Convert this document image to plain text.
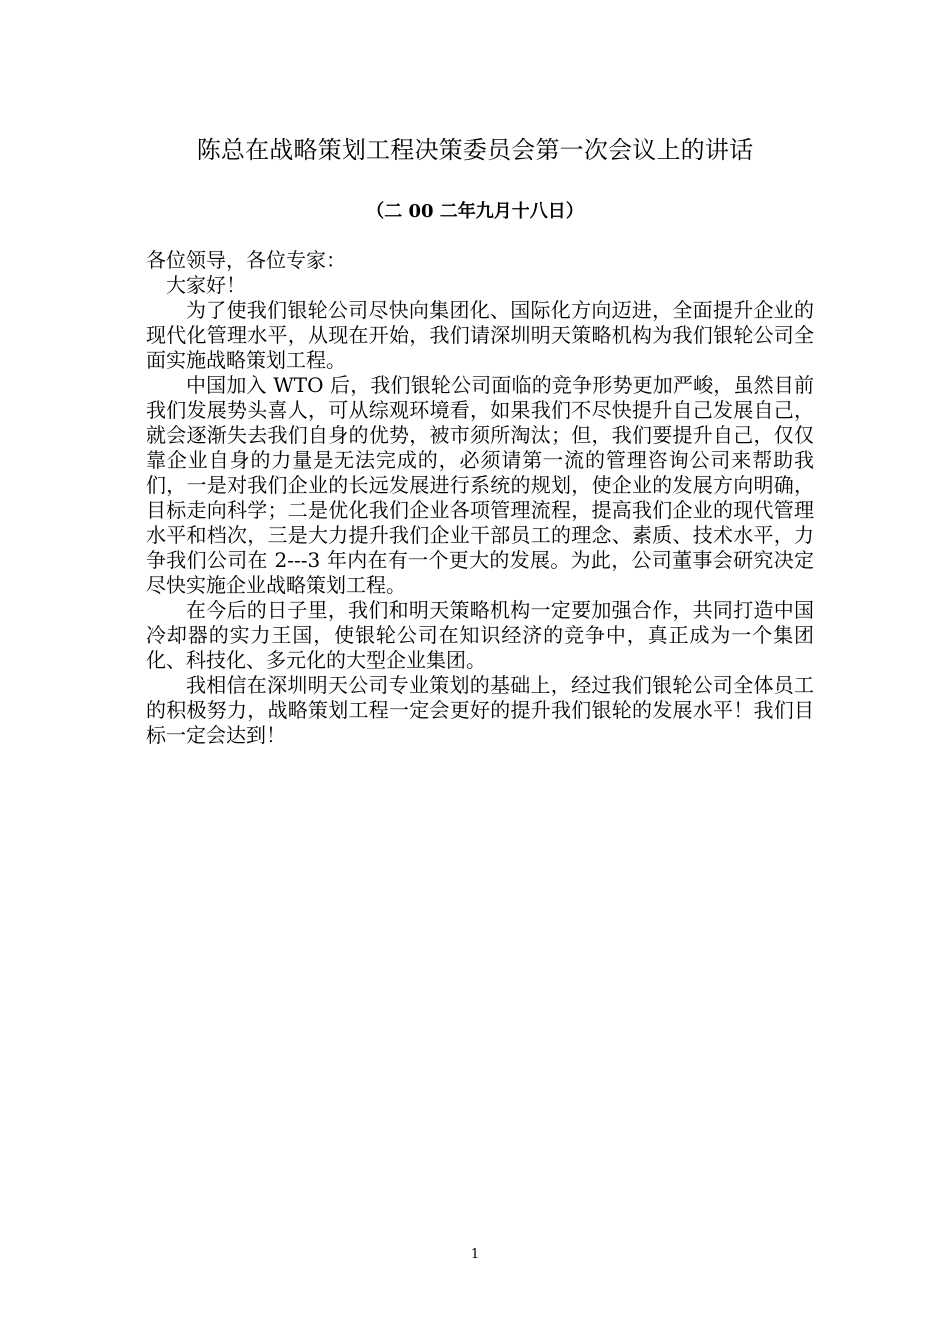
陈总在战略策划工程决策委员会第一次会议上的讲话
（二 00 二年九月十八日）

各位领导，各位专家：

大家好！

为了使我们银轮公司尽快向集团化、国际化方向迈进，全面提升企业的现代化管理水平，从现在开始，我们请深圳明天策略机构为我们银轮公司全面实施战略策划工程。

中国加入 WTO 后，我们银轮公司面临的竞争形势更加严峻，虽然目前我们发展势头喜人，可从综观环境看，如果我们不尽快提升自己发展自己，就会逐渐失去我们自身的优势，被市须所淘汰；但，我们要提升自己，仅仅靠企业自身的力量是无法完成的，必须请第一流的管理咨询公司来帮助我们，一是对我们企业的长远发展进行系统的规划，使企业的发展方向明确，目标走向科学；二是优化我们企业各项管理流程，提高我们企业的现代管理水平和档次，三是大力提升我们企业干部员工的理念、素质、技术水平，力争我们公司在 2---3 年内在有一个更大的发展。为此，公司董事会研究决定尽快实施企业战略策划工程。

在今后的日子里，我们和明天策略机构一定要加强合作，共同打造中国冷却器的实力王国，使银轮公司在知识经济的竞争中，真正成为一个集团化、科技化、多元化的大型企业集团。

我相信在深圳明天公司专业策划的基础上，经过我们银轮公司全体员工的积极努力，战略策划工程一定会更好的提升我们银轮的发展水平！我们目标一定会达到！

1
